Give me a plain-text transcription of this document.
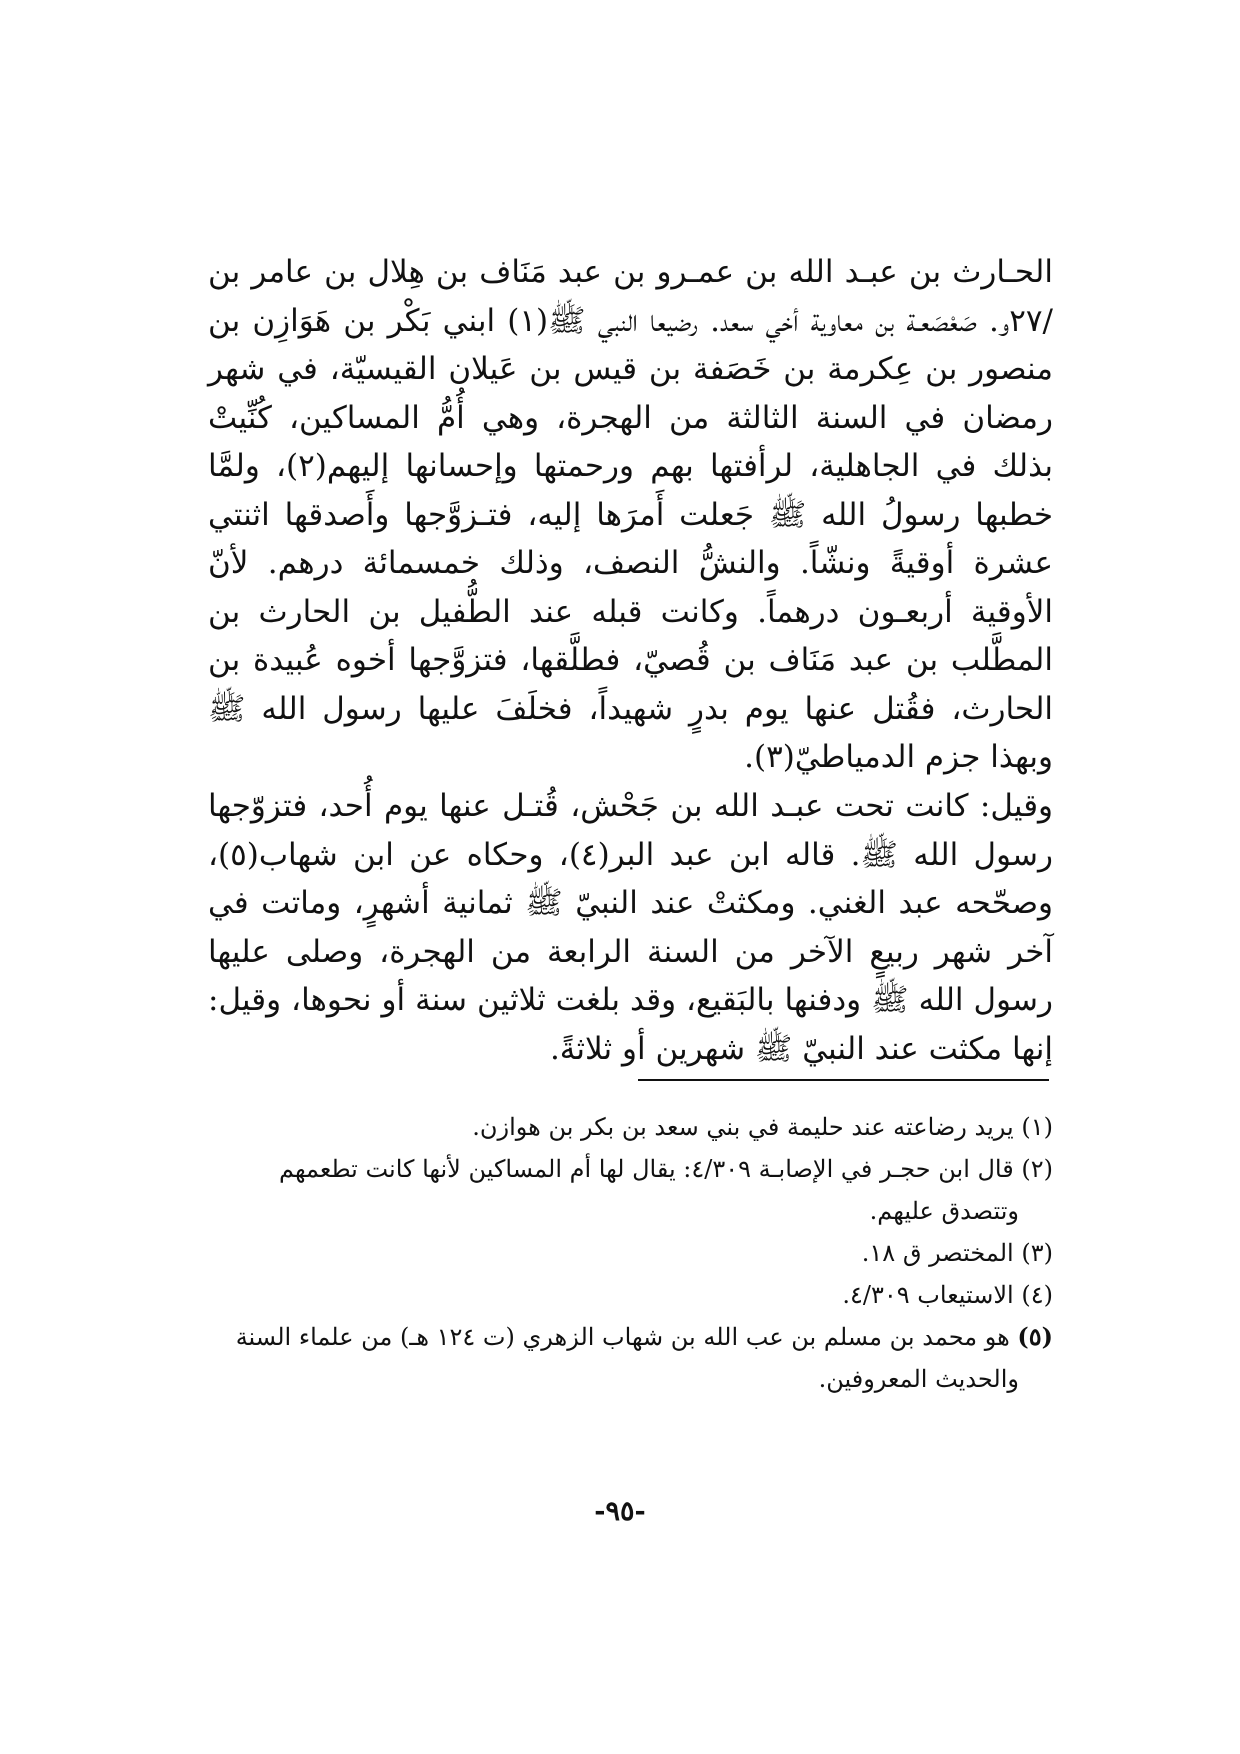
الحـارث بن عبـد الله بن عمـرو بن عبد مَنَاف بن هِلال بن عامر بن /٢٧و. صَعْصَعـة بن معاوية أخي سعد. رضيعا النبي ﷺ(١) ابني بَكْر بن هَوَازِن بن منصور بن عِكرمة بن خَصَفة بن قيس بن عَيلان القيسيّة، في شهر رمضان في السنة الثالثة من الهجرة، وهي أُمُّ المساكين، كُنِّيتْ بذلك في الجاهلية، لرأفتها بهم ورحمتها وإحسانها إليهم(٢)، ولمَّا خطبها رسولُ الله ﷺ جَعلت أَمرَها إليه، فتـزوَّجها وأَصدقها اثنتي عشرة أوقيةً ونشّاً. والنشُّ النصف، وذلك خمسمائة درهم. لأنّ الأوقية أربعـون درهماً. وكانت قبله عند الطُّفيل بن الحارث بن المطَّلب بن عبد مَنَاف بن قُصيّ، فطلَّقها، فتزوَّجها أخوه عُبيدة بن الحارث، فقُتل عنها يوم بدرٍ شهيداً، فخلَفَ عليها رسول الله ﷺ وبهذا جزم الدمياطيّ(٣).

وقيل: كانت تحت عبـد الله بن جَحْش، قُتـل عنها يوم أُحد، فتزوّجها رسول الله ﷺ. قاله ابن عبد البر(٤)، وحكاه عن ابن شهاب(٥)، وصحّحه عبد الغني. ومكثتْ عند النبيّ ﷺ ثمانية أشهرٍ، وماتت في آخر شهر ربيعٍ الآخر من السنة الرابعة من الهجرة، وصلى عليها رسول الله ﷺ ودفنها بالبَقيع، وقد بلغت ثلاثين سنة أو نحوها، وقيل: إنها مكثت عند النبيّ ﷺ شهرين أو ثلاثةً.

(١) يريد رضاعته عند حليمة في بني سعد بن بكر بن هوازن.
(٢) قال ابن حجـر في الإصابـة ٤/٣٠٩: يقال لها أم المساكين لأنها كانت تطعمهم
وتتصدق عليهم.
(٣) المختصر ق ١٨.
(٤) الاستيعاب ٤/٣٠٩.
(٥) هو محمد بن مسلم بن عب الله بن شهاب الزهري (ت ١٢٤ هـ) من علماء السنة
والحديث المعروفين.
-٩٥-
